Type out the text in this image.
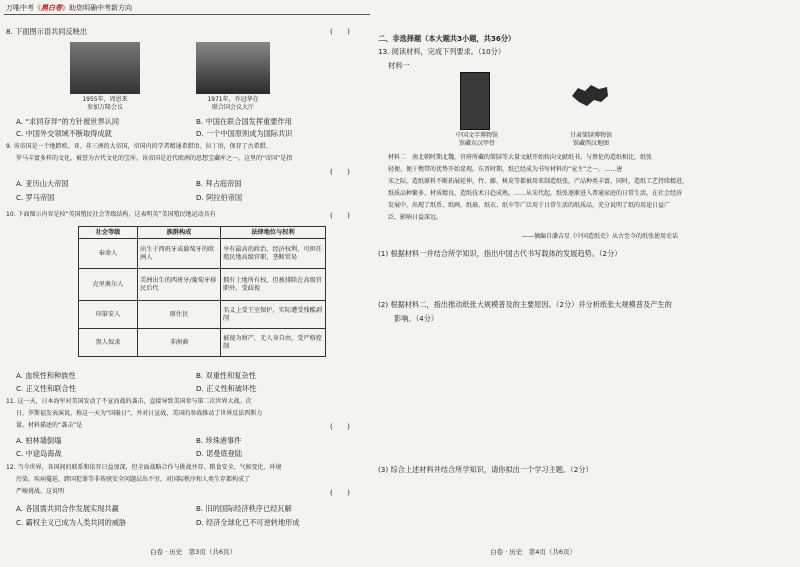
万唯中考《黑白卷》助您明确中考新方向
8. 下面图示语共同反映出	(　　)
1955年，周恩来
参加万隆会议
1971年，乔冠华在
联合国会议大厅
A. “求同存异”的方针被世界认同	B. 中国在联合国发挥重要作用
C. 中国外交领域不断取得成就	D. 一个中国原则成为国际共识
9. 该帝国是一个地跨欧、亚、非三洲的大帝国，帝国内的学者精通希腊语、拉丁语，保存了古希腊、
罗马丰富多样的文化，被誉为古代文化的宝库。该帝国是近代欧洲的思想宝藏库之一。这里的“帝国”是指
(　　)
A. 亚历山大帝国	B. 拜占庭帝国
C. 罗马帝国	D. 阿拉伯帝国
10. 下面图示内容是按“英国殖民社会等级结构，这表明英”美国殖民地运动具有	(　　)
社会等级	族群构成	法律地位与权利
奉命人	出生于西班牙或葡萄牙的欧洲人	享有最高的政治、经济权利，可担任殖民地高级官职、垄断贸易
克里奥尔人	美洲出生的西班牙/葡萄牙移民后代	拥有土地所有权，但被排除在高级官职外，受歧视
印第安人	原住民	名义上受王室保护，实际遭受残酷剥削
黑人奴隶	非洲裔	被视为财产，无人身自由，受严格控制
A. 血统性和种族性	B. 双重性和复杂性
C. 正义性和联合性	D. 正义性和破坏性
11. 这一天，日本海军对美国发动了不宣而战的袭击，直接导致美国参与第二次世界大战。次
日，罗斯福发表演说，称这一天为“国耻日”，并对日宣战，美国的参战推动了世界反法西斯力
量。材料描述的“袭击”是	(　　)
A. 柏林墙倒塌	B. 珍珠港事件
C. 中途岛海战	D. 诺曼底登陆
12. 当今世界，各国间的联系和依存日益加深，但全面战略合作与挑战并存。粮食安全、气候变化、环境
污染、疾病蔓延，跨国犯罪等非传统安全问题层出不穷，对国际秩序和人类生存都构成了
严峻挑战。这说明	(　　)
A. 各国需共同合作发展实现共赢	B. 旧的国际经济秩序已经瓦解
C. 霸权主义已成为人类共同的威胁	D. 经济全球化已不可逆转地形成
白卷 · 历史　第3页（共6页）
二、非选择题（本大题共3小题，共36分）
13. 阅读材料，完成下列要求。（10分）
材料一
中国文字博物馆
馆藏东汉甲骨
甘肃简牍博物馆
馆藏西汉地图
材料二　南北朝时期北魏，官府所藏的简牍等大量文献开始转向文献纸书，与蔡伦的造纸相比，纸张
轻便，便于携带的优势开始显现。东晋时期，纸已经成为书写材料的“宠主”之一。……唐
宋之际，造纸原料不断拓展延伸，竹、藤、树皮等都被用来制造纸张，产品种类丰富。同时，造纸工艺持续精进，
纸质品种繁多、材质精良，造纸技术日趋成熟。……从宋代起，纸张逐渐进入普通家庭的日常生活，在社会经济
发展中，出现了纸币、纸画、纸扇、纸衣、纸伞等广泛用于日常生活的纸质品，充分说明了纸的用途日益广
泛，影响日益深远。
——摘编自潘吉星《中国造纸史》从古至今的纸张使用史话
(1) 根据材料一并结合所学知识，指出中国古代书写载体的发展趋势。（2分）
(2) 根据材料二，指出推动纸张大规模普及的主要原因。（2分）并分析纸张大规模普及产生的
影响。（4分）
(3) 综合上述材料并结合所学知识，请你拟出一个学习主题。（2分）
白卷 · 历史　第4页（共6页）
